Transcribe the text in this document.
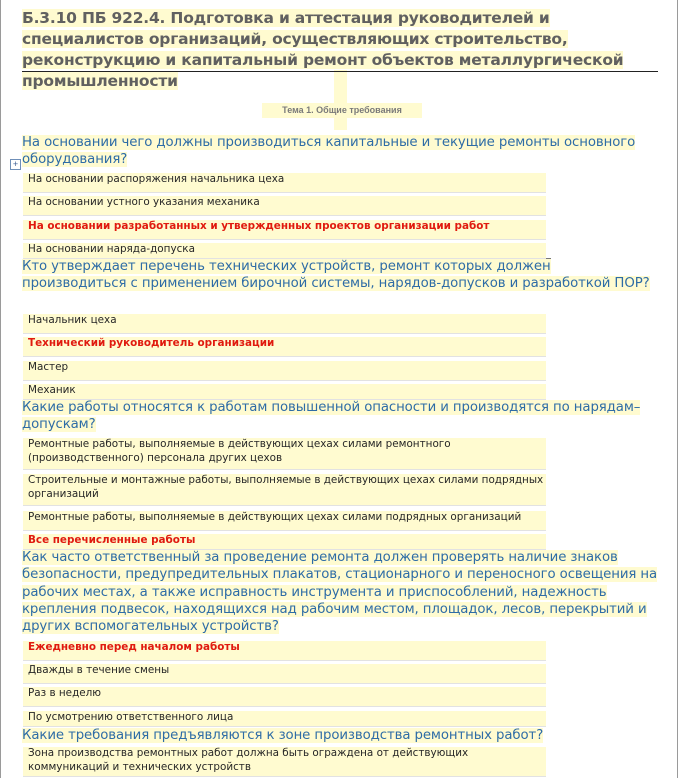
Б.3.10 ПБ 922.4. Подготовка и аттестация руководителей и специалистов организаций, осуществляющих строительство, реконструкцию и капитальный ремонт объектов металлургической промышленности
Тема 1. Общие требования
+
На основании чего должны производиться капитальные и текущие ремонты основного оборудования?
На основании распоряжения начальника цеха
На основании устного указания механика
На основании разработанных и утвержденных проектов организации работ
На основании наряда-допуска
Кто утверждает перечень технических устройств, ремонт которых должен производиться с применением бирочной системы, нарядов-допусков и разработкой ПОР?
Начальник цеха
Технический руководитель организации
Мастер
Механик
Какие работы относятся к работам повышенной опасности и производятся по нарядам–допускам?
Ремонтные работы, выполняемые в действующих цехах силами ремонтного (производственного) персонала других цехов
Строительные и монтажные работы, выполняемые в действующих цехах силами подрядных организаций
Ремонтные работы, выполняемые в действующих цехах силами подрядных организаций
Все перечисленные работы
Как часто ответственный за проведение ремонта должен проверять наличие знаков безопасности, предупредительных плакатов, стационарного и переносного освещения на рабочих местах, а также исправность инструмента и приспособлений, надежность крепления подвесок, находящихся над рабочим местом, площадок, лесов, перекрытий и других вспомогательных устройств?
Ежедневно перед началом работы
Дважды в течение смены
Раз в неделю
По усмотрению ответственного лица
Какие требования предъявляются к зоне производства ремонтных работ?
Зона производства ремонтных работ должна быть ограждена от действующих коммуникаций и технических устройств
